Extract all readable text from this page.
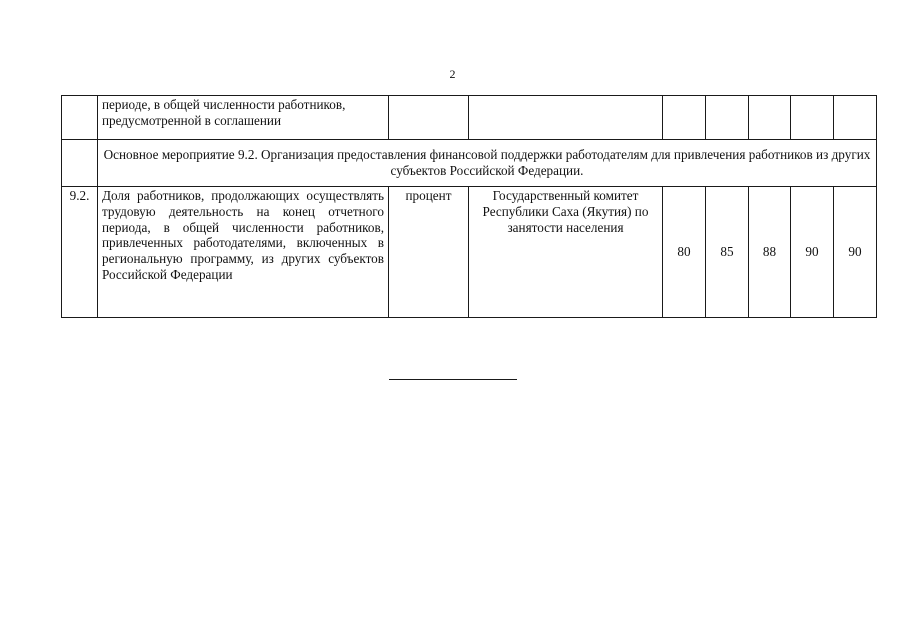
2
	периоде, в общей численности работников, предусмотренной в соглашении							
	Основное мероприятие 9.2. Организация предоставления финансовой поддержки работодателям для привлечения работников из других субъектов Российской Федерации.							
9.2.	Доля работников, продолжающих осуществлять трудовую деятельность на конец отчетного периода, в общей численности работников, привлеченных работодателями, включенных в региональную программу, из других субъектов Российской Федерации	процент	Государственный комитет Республики Саха (Якутия) по занятости населения	80	85	88	90	90
